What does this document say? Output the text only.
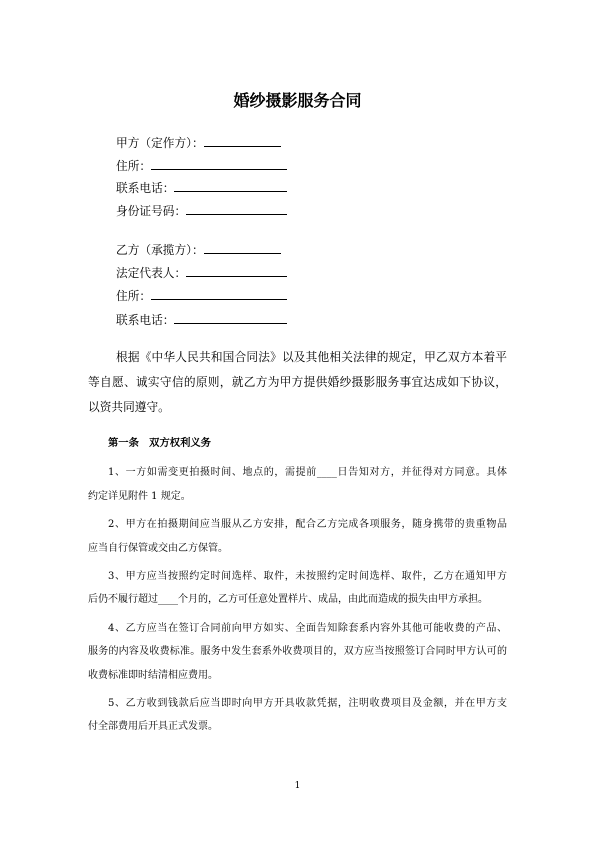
婚纱摄影服务合同
甲方（定作方）：
住所：
联系电话：
身份证号码：
乙方（承揽方）：
法定代表人：
住所：
联系电话：
根据《中华人民共和国合同法》以及其他相关法律的规定，甲乙双方本着平
等自愿、诚实守信的原则，就乙方为甲方提供婚纱摄影服务事宜达成如下协议，
以资共同遵守。
第一条　双方权利义务
1、一方如需变更拍摄时间、地点的，需提前____日告知对方，并征得对方同意。具体
约定详见附件 1 规定。
2、甲方在拍摄期间应当服从乙方安排，配合乙方完成各项服务，随身携带的贵重物品
应当自行保管或交由乙方保管。
3、甲方应当按照约定时间选样、取件，未按照约定时间选样、取件，乙方在通知甲方
后仍不履行超过____个月的，乙方可任意处置样片、成品，由此而造成的损失由甲方承担。
4、乙方应当在签订合同前向甲方如实、全面告知除套系内容外其他可能收费的产品、
服务的内容及收费标准。服务中发生套系外收费项目的，双方应当按照签订合同时甲方认可的
收费标准即时结清相应费用。
5、乙方收到钱款后应当即时向甲方开具收款凭据，注明收费项目及金额，并在甲方支
付全部费用后开具正式发票。
1
